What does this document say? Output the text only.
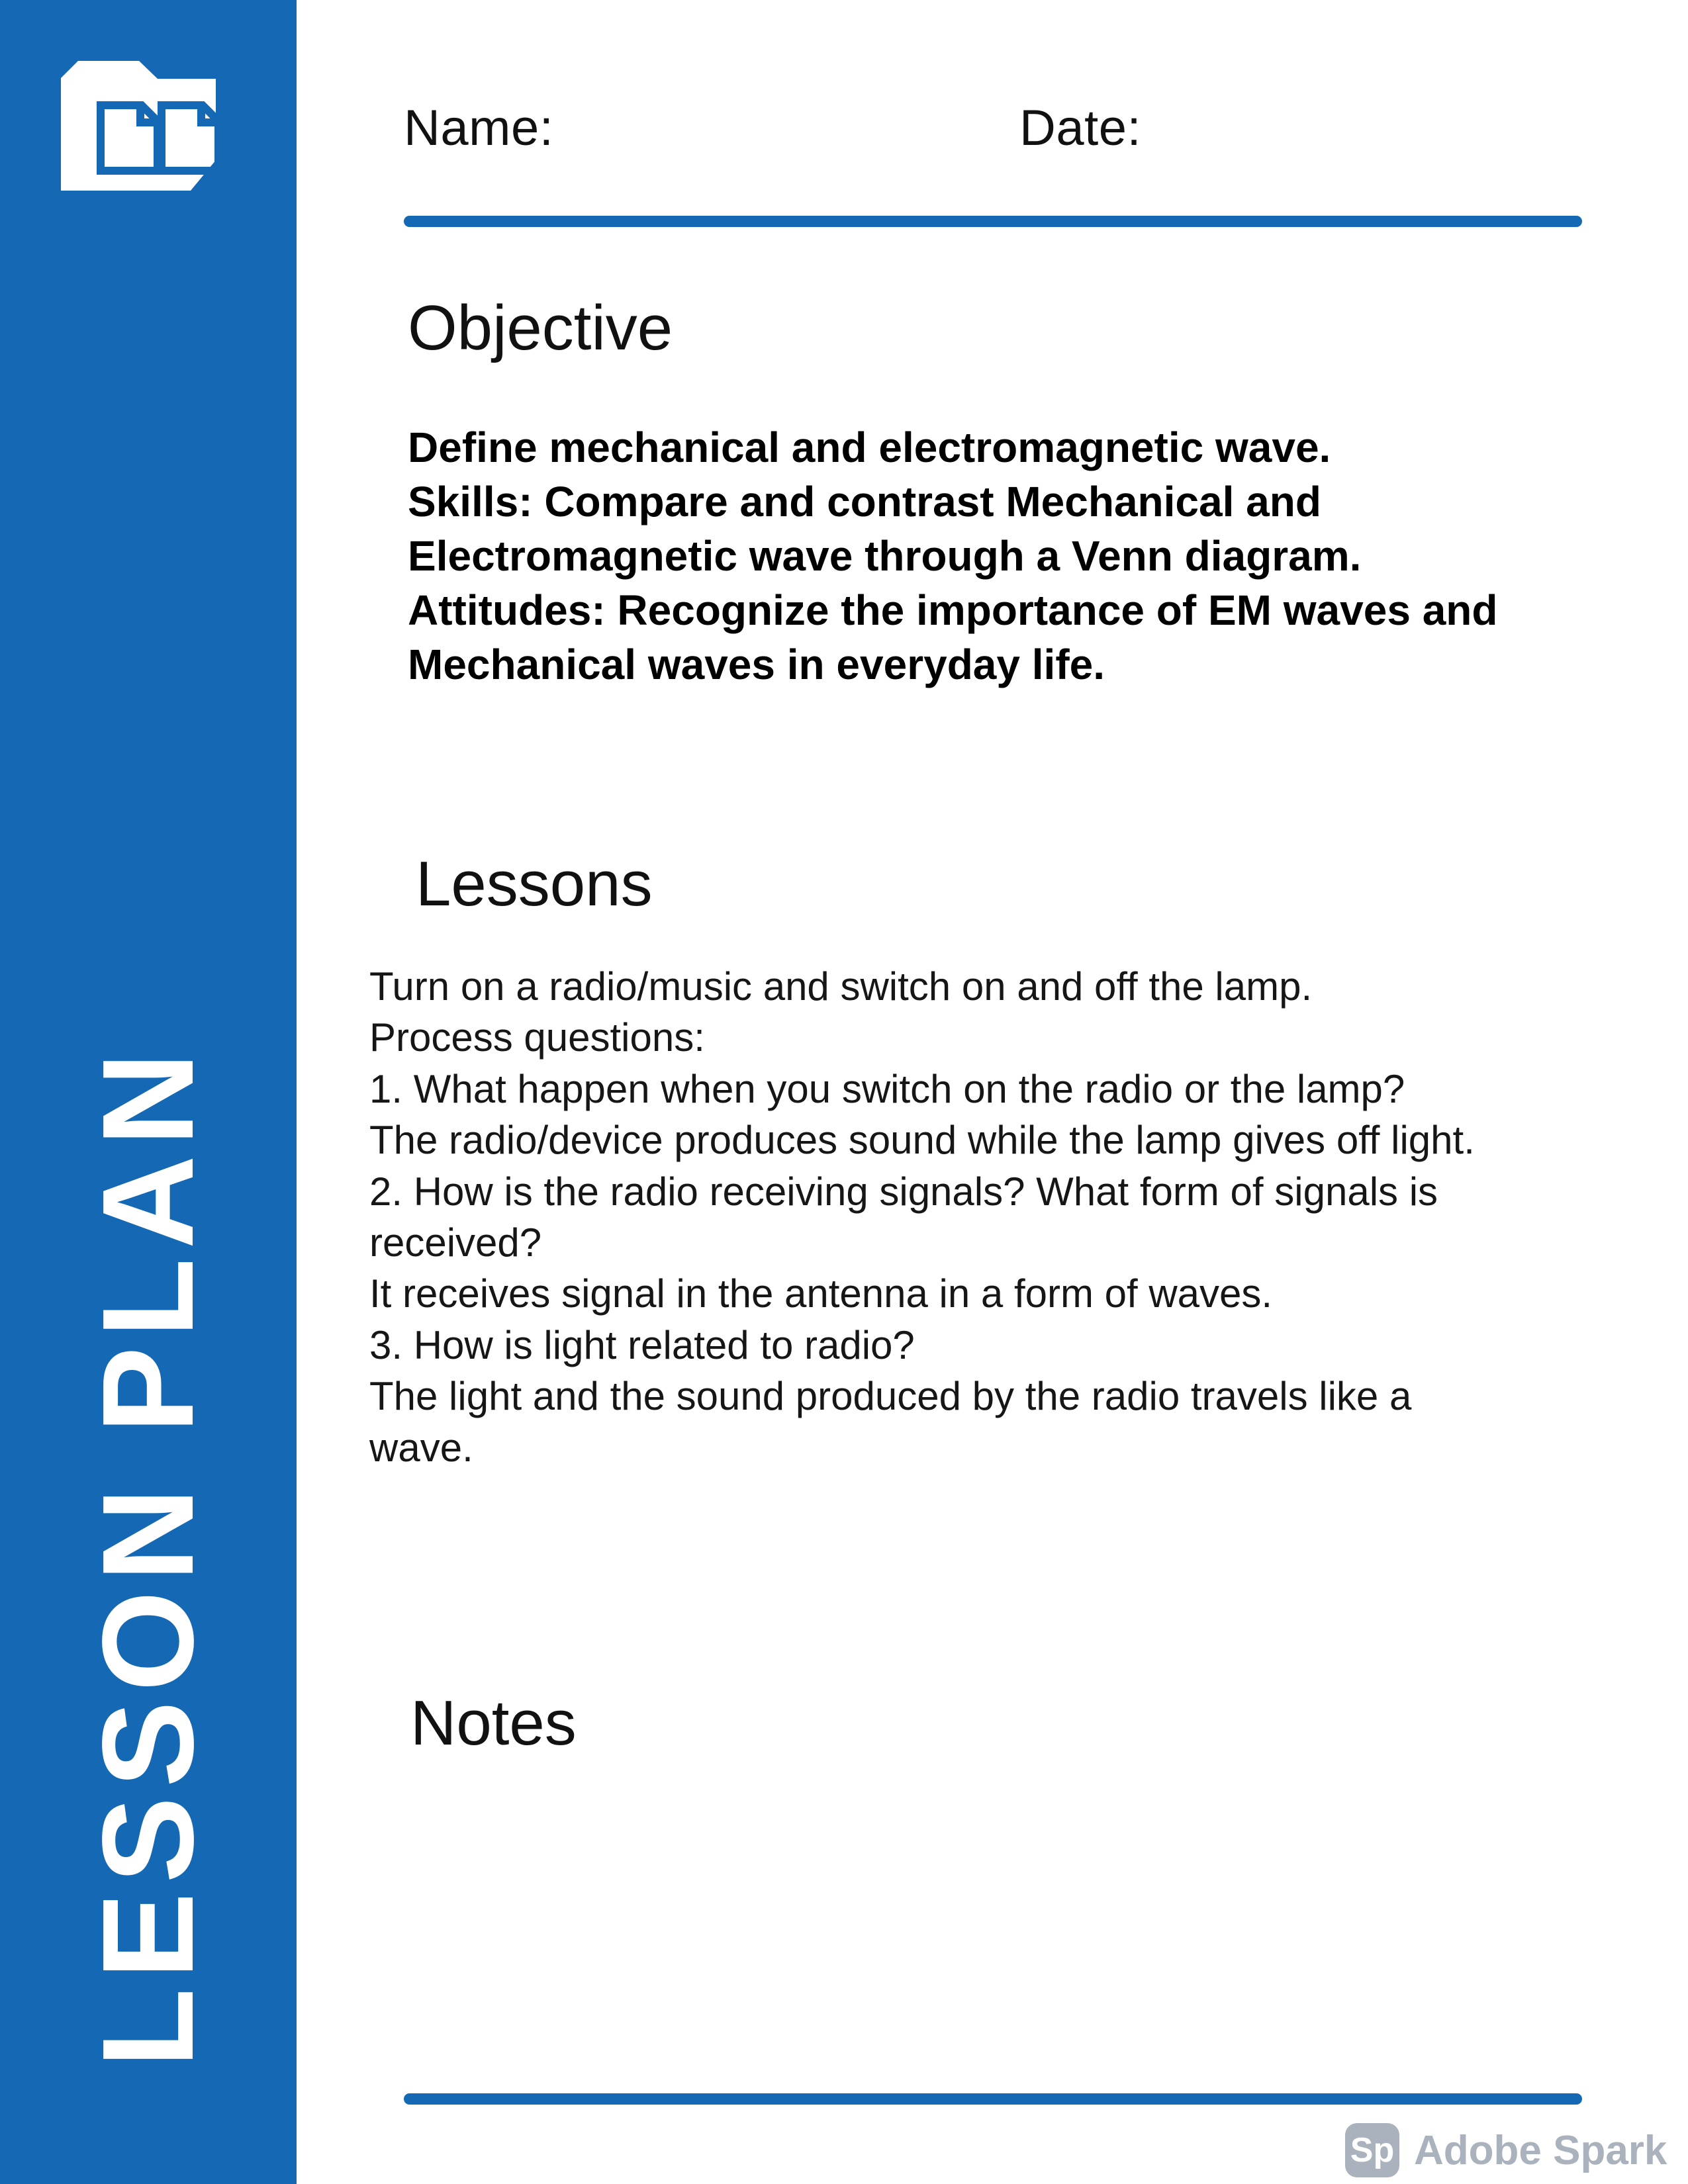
LESSON PLAN
Name:	Date:
Objective

Define mechanical and electromagnetic wave.

Skills: Compare and contrast Mechanical and

Electromagnetic wave through a Venn diagram.

Attitudes: Recognize the importance of EM waves and

Mechanical waves in everyday life.

Lessons

Turn on a radio/music and switch on and off the lamp.

Process questions:

1. What happen when you switch on the radio or the lamp?

The radio/device produces sound while the lamp gives off light.

2. How is the radio receiving signals? What form of signals is

received?

It receives signal in the antenna in a form of waves.

3. How is light related to radio?

The light and the sound produced by the radio travels like a

wave.

Notes
Sp Adobe Spark
